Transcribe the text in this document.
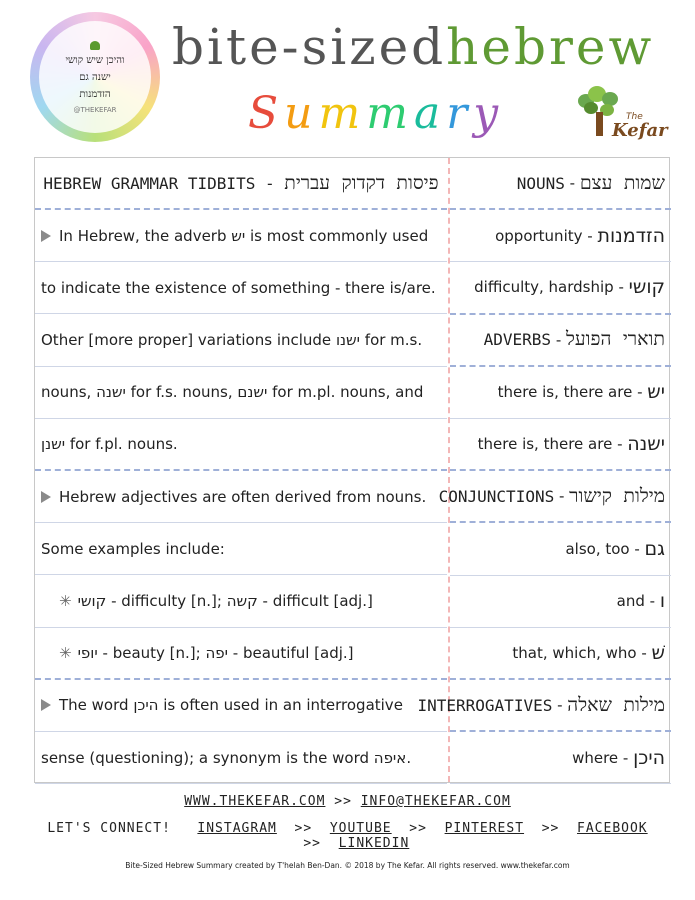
והיכן שיש קושי
ישנה גם
הזדמנות
@THEKEFAR
bite-sizedhebrew
Summary	The
Kefar
HEBREW GRAMMAR TIDBITS - פיסות דקדוק עברית
In Hebrew, the adverb יש is most commonly used
to indicate the existence of something - there is/are.
Other [more proper] variations include ישנו for m.s.
nouns, ישנה for f.s. nouns, ישנם for m.pl. nouns, and
ישנן for f.pl. nouns.
Hebrew adjectives are often derived from nouns.
Some examples include:
✳ קושי - difficulty [n.]; קשה - difficult [adj.]
✳ יופי - beauty [n.]; יפה - beautiful [adj.]
The word היכן is often used in an interrogative
sense (questioning); a synonym is the word איפה.
NOUNS - שמות עצם
opportunity - הזדמנות
difficulty, hardship - קושי
ADVERBS - תוארי הפועל
there is, there are - יש
there is, there are - ישנה
CONJUNCTIONS - מילות קישור
also, too - גם
and - ו
that, which, who - שׁ
INTERROGATIVES - מילות שאלה
where - היכן
WWW.THEKEFAR.COM >> INFO@THEKEFAR.COM
LET'S CONNECT! INSTAGRAM  >>  YOUTUBE  >>  PINTEREST  >>  FACEBOOK  >>  LINKEDIN
Bite-Sized Hebrew Summary created by T'helah Ben-Dan. © 2018 by The Kefar. All rights reserved. www.thekefar.com
